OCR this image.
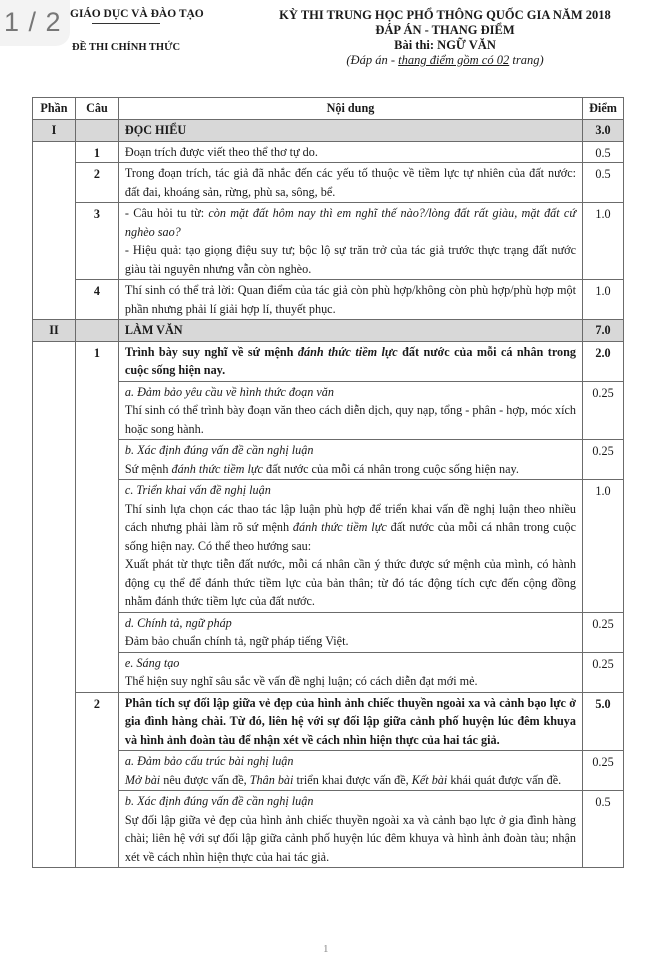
1 / 2 GIÁO DỤC VÀ ĐÀO TẠO
ĐỀ THI CHÍNH THỨC
KỲ THI TRUNG HỌC PHỔ THÔNG QUỐC GIA NĂM 2018
ĐÁP ÁN - THANG ĐIỂM
Bài thi: NGỮ VĂN
(Đáp án - thang điểm gồm có 02 trang)
Phần	Câu	Nội dung	Điểm
I		ĐỌC HIỂU	3.0
	1	Đoạn trích được viết theo thể thơ tự do.	0.5
	2	Trong đoạn trích, tác giả đã nhắc đến các yếu tố thuộc về tiềm lực tự nhiên của đất nước: đất đai, khoáng sản, rừng, phù sa, sông, bể.	0.5
	3	- Câu hỏi tu từ: còn mặt đất hôm nay thì em nghĩ thế nào?/lòng đất rất giàu, mặt đất cứ nghèo sao?
- Hiệu quả: tạo giọng điệu suy tư; bộc lộ sự trăn trở của tác giả trước thực trạng đất nước giàu tài nguyên nhưng vẫn còn nghèo.	1.0
	4	Thí sinh có thể trả lời: Quan điểm của tác giả còn phù hợp/không còn phù hợp/phù hợp một phần nhưng phải lí giải hợp lí, thuyết phục.	1.0
II		LÀM VĂN	7.0
	1	Trình bày suy nghĩ về sứ mệnh đánh thức tiềm lực đất nước của mỗi cá nhân trong cuộc sống hiện nay.	2.0

		a. Đảm bảo yêu cầu về hình thức đoạn văn
Thí sinh có thể trình bày đoạn văn theo cách diễn dịch, quy nạp, tổng - phân - hợp, móc xích hoặc song hành.	0.25

		b. Xác định đúng vấn đề cần nghị luận
Sứ mệnh đánh thức tiềm lực đất nước của mỗi cá nhân trong cuộc sống hiện nay.	0.25

		c. Triển khai vấn đề nghị luận
Thí sinh lựa chọn các thao tác lập luận phù hợp để triển khai vấn đề nghị luận theo nhiều cách nhưng phải làm rõ sứ mệnh đánh thức tiềm lực đất nước của mỗi cá nhân trong cuộc sống hiện nay. Có thể theo hướng sau:
Xuất phát từ thực tiễn đất nước, mỗi cá nhân cần ý thức được sứ mệnh của mình, có hành động cụ thể để đánh thức tiềm lực của bản thân; từ đó tác động tích cực đến cộng đồng nhằm đánh thức tiềm lực của đất nước.	1.0

		d. Chính tả, ngữ pháp
Đảm bảo chuẩn chính tả, ngữ pháp tiếng Việt.	0.25

		e. Sáng tạo
Thể hiện suy nghĩ sâu sắc về vấn đề nghị luận; có cách diễn đạt mới mẻ.	0.25
	2	Phân tích sự đối lập giữa vẻ đẹp của hình ảnh chiếc thuyền ngoài xa và cảnh bạo lực ở gia đình hàng chài. Từ đó, liên hệ với sự đối lập giữa cảnh phố huyện lúc đêm khuya và hình ảnh đoàn tàu để nhận xét về cách nhìn hiện thực của hai tác giả.	5.0

		a. Đảm bảo cấu trúc bài nghị luận
Mở bài nêu được vấn đề, Thân bài triển khai được vấn đề, Kết bài khái quát được vấn đề.	0.25

		b. Xác định đúng vấn đề cần nghị luận
Sự đối lập giữa vẻ đẹp của hình ảnh chiếc thuyền ngoài xa và cảnh bạo lực ở gia đình hàng chài; liên hệ với sự đối lập giữa cảnh phố huyện lúc đêm khuya và hình ảnh đoàn tàu; nhận xét về cách nhìn hiện thực của hai tác giả.	0.5
1
